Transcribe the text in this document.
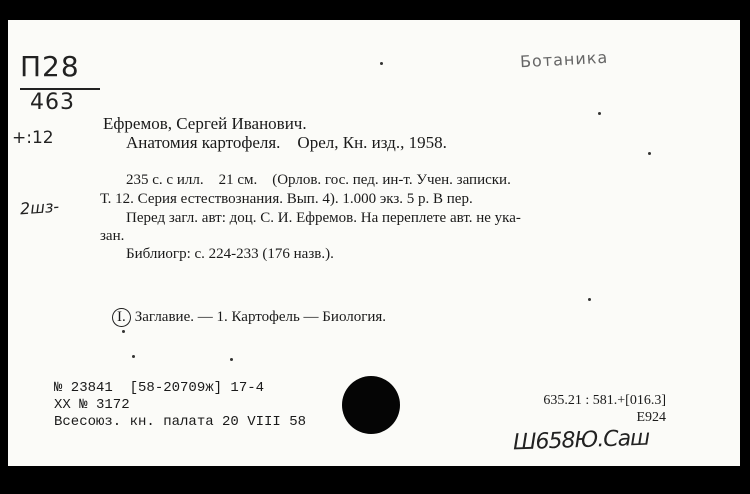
П28
463
+:12
2шз-
Ботаника
Ефремов, Сергей Иванович.
Анатомия картофеля.    Орел, Кн. изд., 1958.
235 с. с илл.    21 см.    (Орлов. гос. пед. ин-т. Учен. записки.
Т. 12. Серия естествознания. Вып. 4). 1.000 экз. 5 р. В пер.
Перед загл. авт: доц. С. И. Ефремов. На переплете авт. не ука-
зан.
Библиогр: с. 224-233 (176 назв.).
I. Заглавие. — 1. Картофель — Биология.
№ 23841  [58-20709ж] 17-4
ХХ № 3172
Всесоюз. кн. палата 20 VIII 58
635.21 : 581.+[016.3]
Е924
Ш658Ю.Саш
